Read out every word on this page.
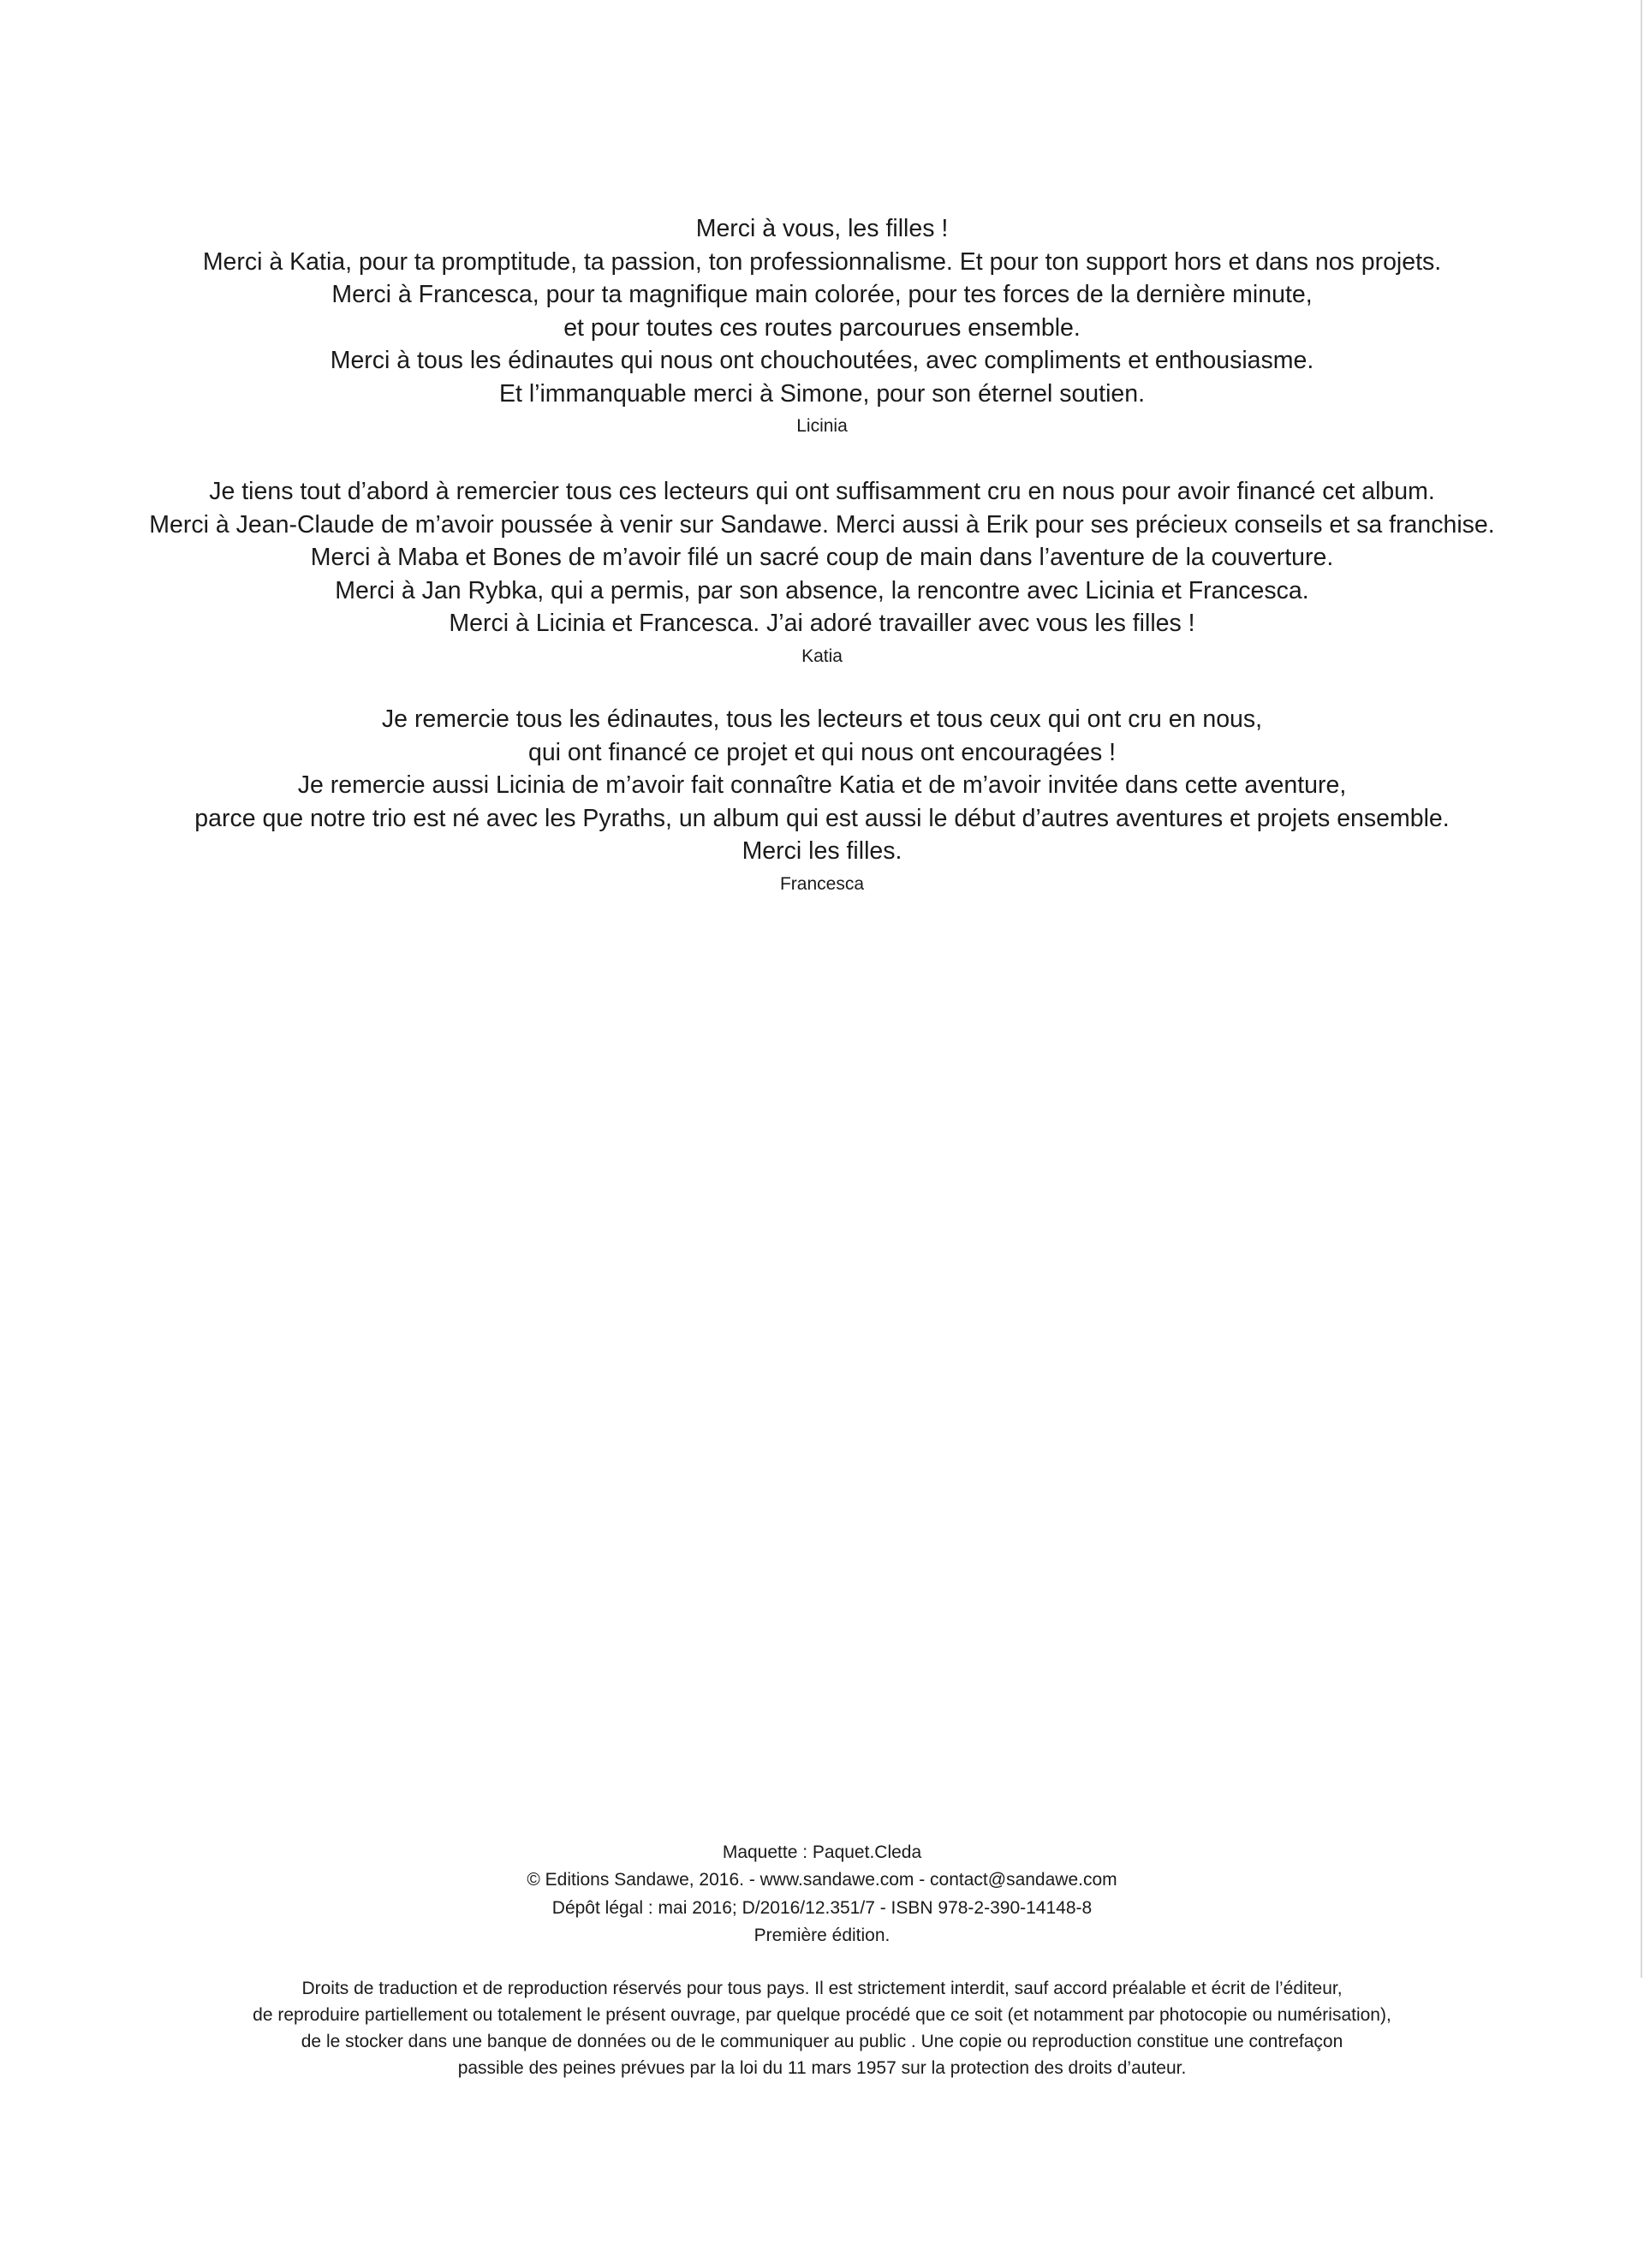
Merci à vous, les filles !

Merci à Katia, pour ta promptitude, ta passion, ton professionnalisme. Et pour ton support hors et dans nos projets.

Merci à Francesca, pour ta magnifique main colorée, pour tes forces de la dernière minute,

et pour toutes ces routes parcourues ensemble.

Merci à tous les édinautes qui nous ont chouchoutées, avec compliments et enthousiasme.

Et l’immanquable merci à Simone, pour son éternel soutien.

Licinia

Je tiens tout d’abord à remercier tous ces lecteurs qui ont suffisamment cru en nous pour avoir financé cet album.

Merci à Jean-Claude de m’avoir poussée à venir sur Sandawe. Merci aussi à Erik pour ses précieux conseils et sa franchise.

Merci à Maba et Bones de m’avoir filé un sacré coup de main dans l’aventure de la couverture.

Merci à Jan Rybka, qui a permis, par son absence, la rencontre avec Licinia et Francesca.

Merci à Licinia et Francesca. J’ai adoré travailler avec vous les filles !

Katia

Je remercie tous les édinautes, tous les lecteurs et tous ceux qui ont cru en nous,

qui ont financé ce projet et qui nous ont encouragées !

Je remercie aussi Licinia de m’avoir fait connaître Katia et de m’avoir invitée dans cette aventure,

parce que notre trio est né avec les Pyraths, un album qui est aussi le début d’autres aventures et projets ensemble.

Merci les filles.

Francesca

Maquette : Paquet.Cleda

© Editions Sandawe, 2016. - www.sandawe.com - contact@sandawe.com

Dépôt légal : mai 2016; D/2016/12.351/7 - ISBN 978-2-390-14148-8

Première édition.

Droits de traduction et de reproduction réservés pour tous pays. Il est strictement interdit, sauf accord préalable et écrit de l’éditeur,

de reproduire partiellement ou totalement le présent ouvrage, par quelque procédé que ce soit (et notamment par photocopie ou numérisation),

de le stocker dans une banque de données ou de le communiquer au public . Une copie ou reproduction constitue une contrefaçon

passible des peines prévues par la loi du 11 mars 1957 sur la protection des droits d’auteur.
